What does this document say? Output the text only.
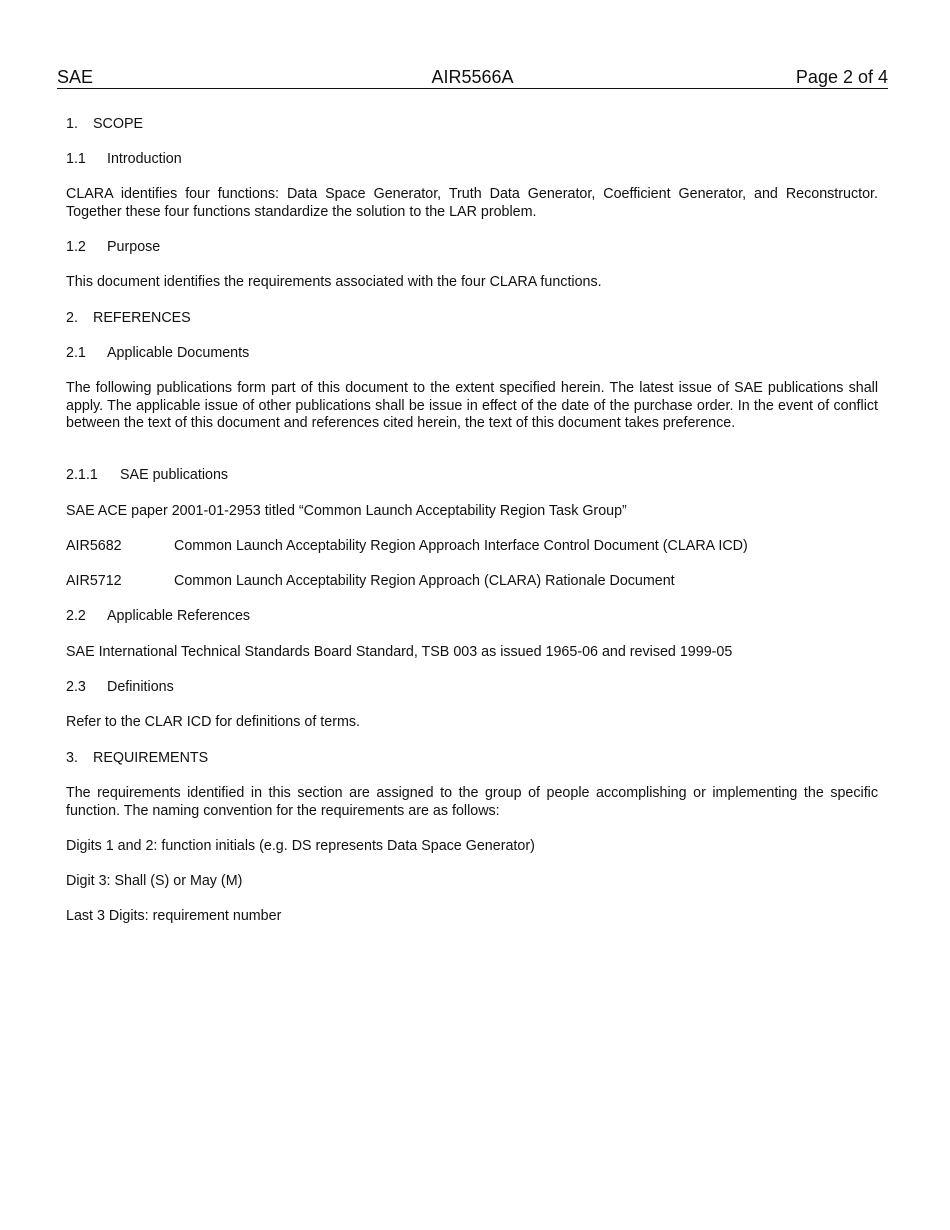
SAE	AIR5566A	Page 2 of 4
1. SCOPE
1.1 Introduction
CLARA identifies four functions: Data Space Generator, Truth Data Generator, Coefficient Generator, and Reconstructor. Together these four functions standardize the solution to the LAR problem.
1.2 Purpose
This document identifies the requirements associated with the four CLARA functions.
2. REFERENCES
2.1 Applicable Documents
The following publications form part of this document to the extent specified herein. The latest issue of SAE publications shall apply. The applicable issue of other publications shall be issue in effect of the date of the purchase order. In the event of conflict between the text of this document and references cited herein, the text of this document takes preference.
2.1.1 SAE publications
SAE ACE paper 2001-01-2953 titled “Common Launch Acceptability Region Task Group”
AIR5682	Common Launch Acceptability Region Approach Interface Control Document (CLARA ICD)
AIR5712	Common Launch Acceptability Region Approach (CLARA) Rationale Document
2.2 Applicable References
SAE International Technical Standards Board Standard, TSB 003 as issued 1965-06 and revised 1999-05
2.3 Definitions
Refer to the CLAR ICD for definitions of terms.
3. REQUIREMENTS
The requirements identified in this section are assigned to the group of people accomplishing or implementing the specific function. The naming convention for the requirements are as follows:
Digits 1 and 2: function initials (e.g. DS represents Data Space Generator)
Digit 3: Shall (S) or May (M)
Last 3 Digits: requirement number
